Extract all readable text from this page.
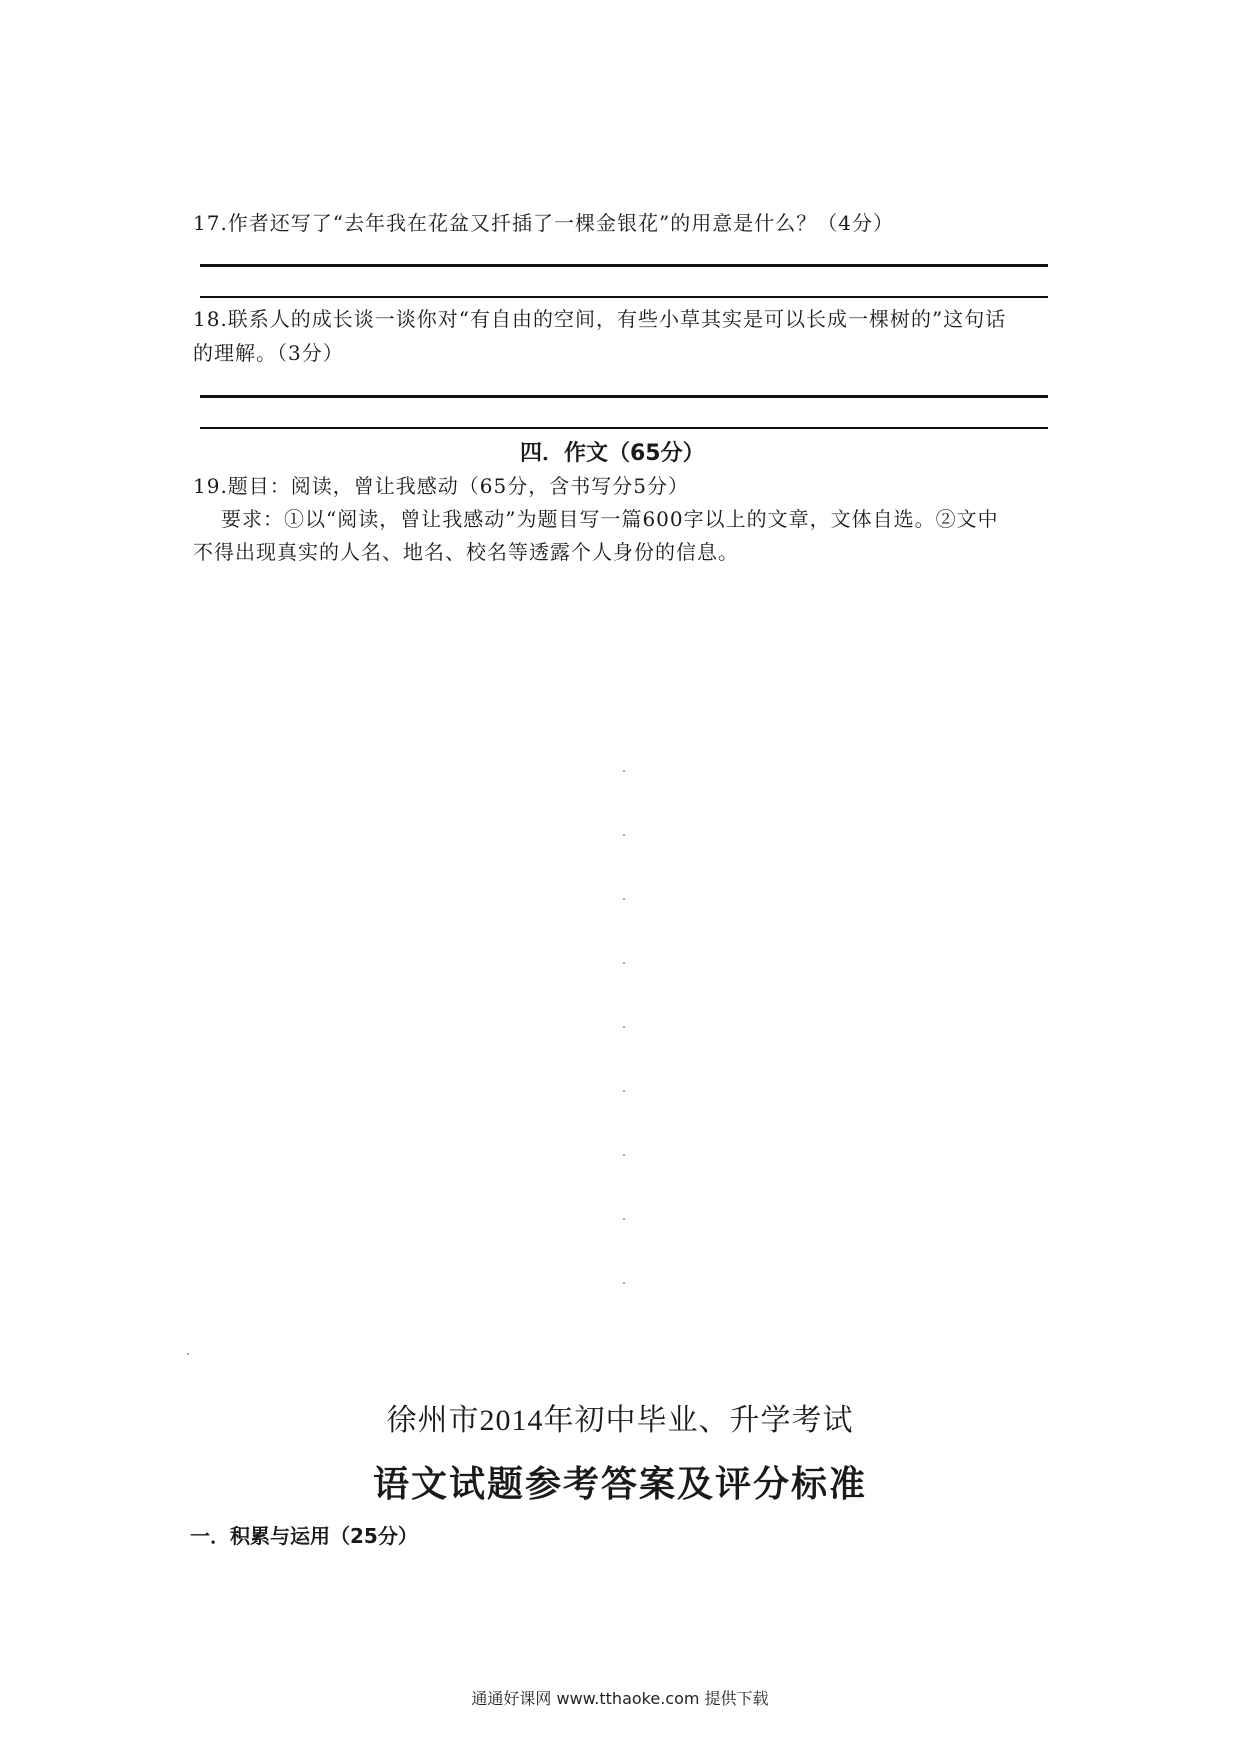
17.作者还写了“去年我在花盆又扦插了一棵金银花”的用意是什么？（4分）
18.联系人的成长谈一谈你对“有自由的空间，有些小草其实是可以长成一棵树的”这句话
的理解。（3分）
四．作文（65分）
19.题目：阅读，曾让我感动（65分，含书写分5分）
要求：①以“阅读，曾让我感动”为题目写一篇600字以上的文章，文体自选。②文中
不得出现真实的人名、地名、校名等透露个人身份的信息。
徐州市2014年初中毕业、升学考试
语文试题参考答案及评分标准
一．积累与运用（25分）
通通好课网 www.tthaoke.com 提供下载
